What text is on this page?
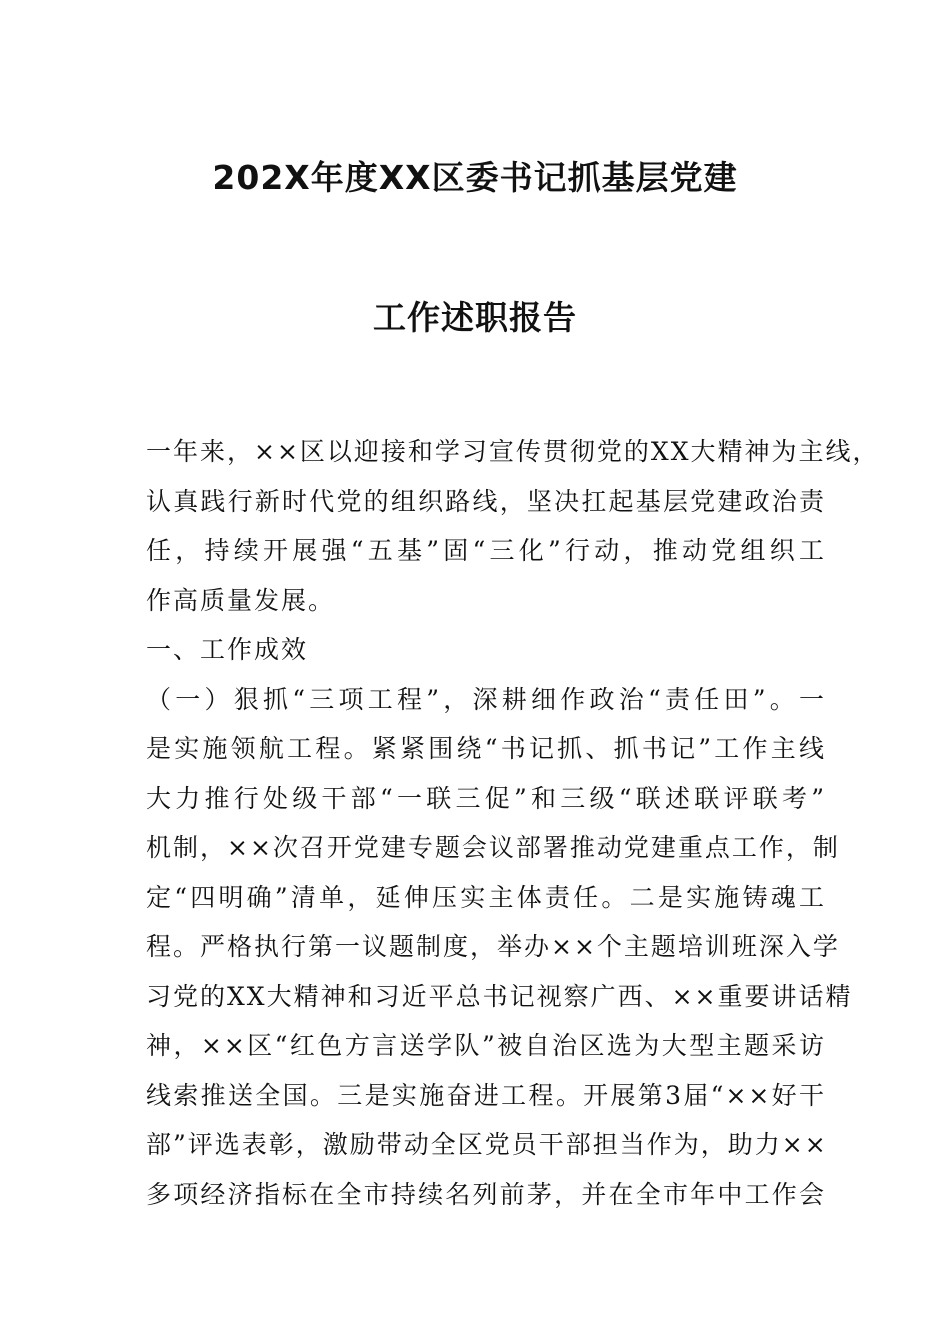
202X年度XX区委书记抓基层党建
工作述职报告
一年来，××区以迎接和学习宣传贯彻党的XX大精神为主线，
认真践行新时代党的组织路线，坚决扛起基层党建政治责
任，持续开展强“五基”固“三化”行动，推动党组织工
作高质量发展。
一、工作成效
（一）狠抓“三项工程”，深耕细作政治“责任田”。一
是实施领航工程。紧紧围绕“书记抓、抓书记”工作主线
大力推行处级干部“一联三促”和三级“联述联评联考”
机制，××次召开党建专题会议部署推动党建重点工作，制
定“四明确”清单，延伸压实主体责任。二是实施铸魂工
程。严格执行第一议题制度，举办××个主题培训班深入学
习党的XX大精神和习近平总书记视察广西、××重要讲话精
神，××区“红色方言送学队”被自治区选为大型主题采访
线索推送全国。三是实施奋进工程。开展第3届“××好干
部”评选表彰，激励带动全区党员干部担当作为，助力××
多项经济指标在全市持续名列前茅，并在全市年中工作会
